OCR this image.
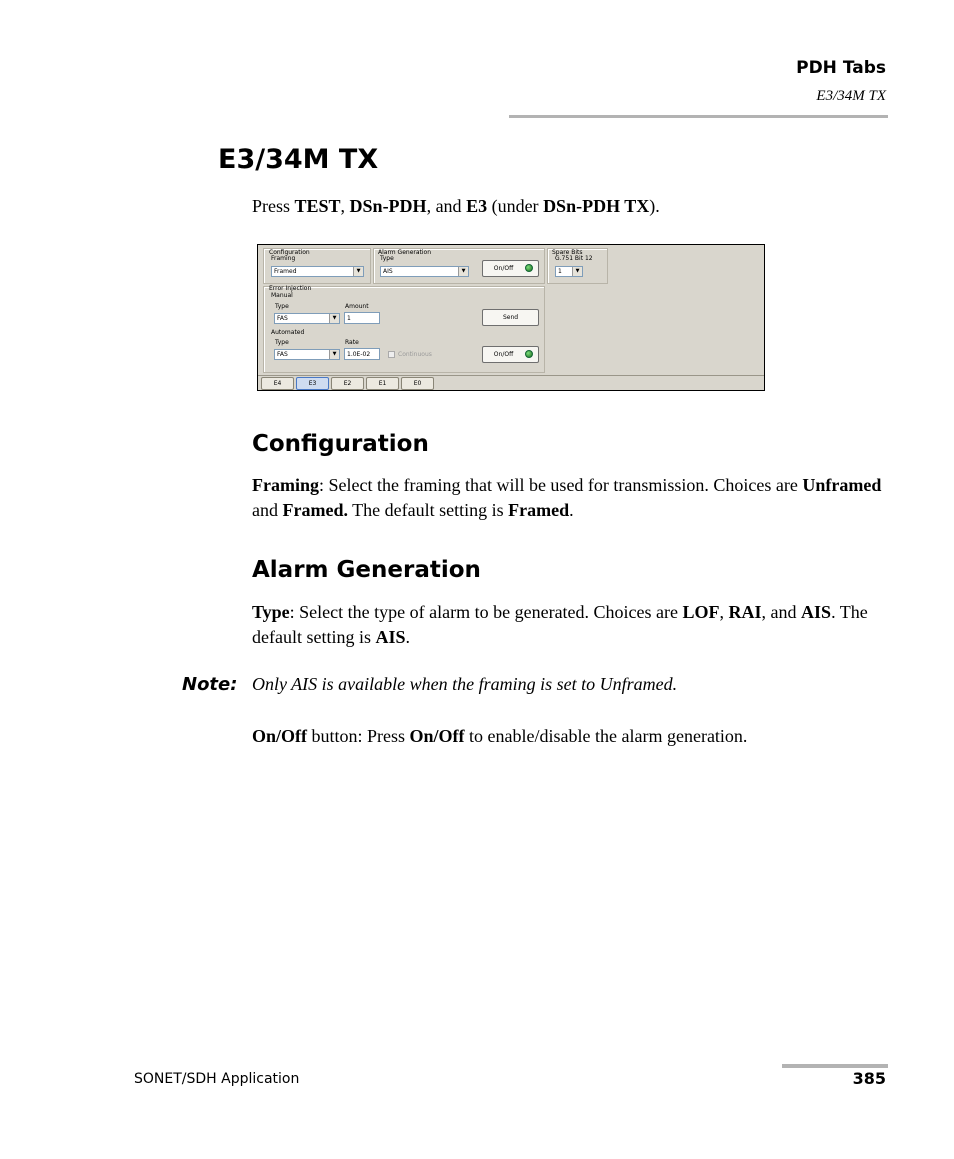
PDH Tabs
E3/34M TX
E3/34M TX
Press TEST, DSn-PDH, and E3 (under DSn-PDH TX).
Configuration
Framing
Framed	▼
Alarm Generation
Type
AIS	▼	On/Off
Spare Bits
G.751 Bit 12
1	▼
Error Injection
Manual
Type
FAS	▼
Amount
1	Send
Automated
Type
FAS	▼
Rate
1.0E-02	Continuous	On/Off
E4	E3	E2	E1	E0
Configuration
Framing: Select the framing that will be used for transmission. Choices are Unframed and Framed. The default setting is Framed.
Alarm Generation
Type: Select the type of alarm to be generated. Choices are LOF, RAI, and AIS. The default setting is AIS.
Note: Only AIS is available when the framing is set to Unframed.
On/Off button: Press On/Off to enable/disable the alarm generation.
SONET/SDH Application	385
